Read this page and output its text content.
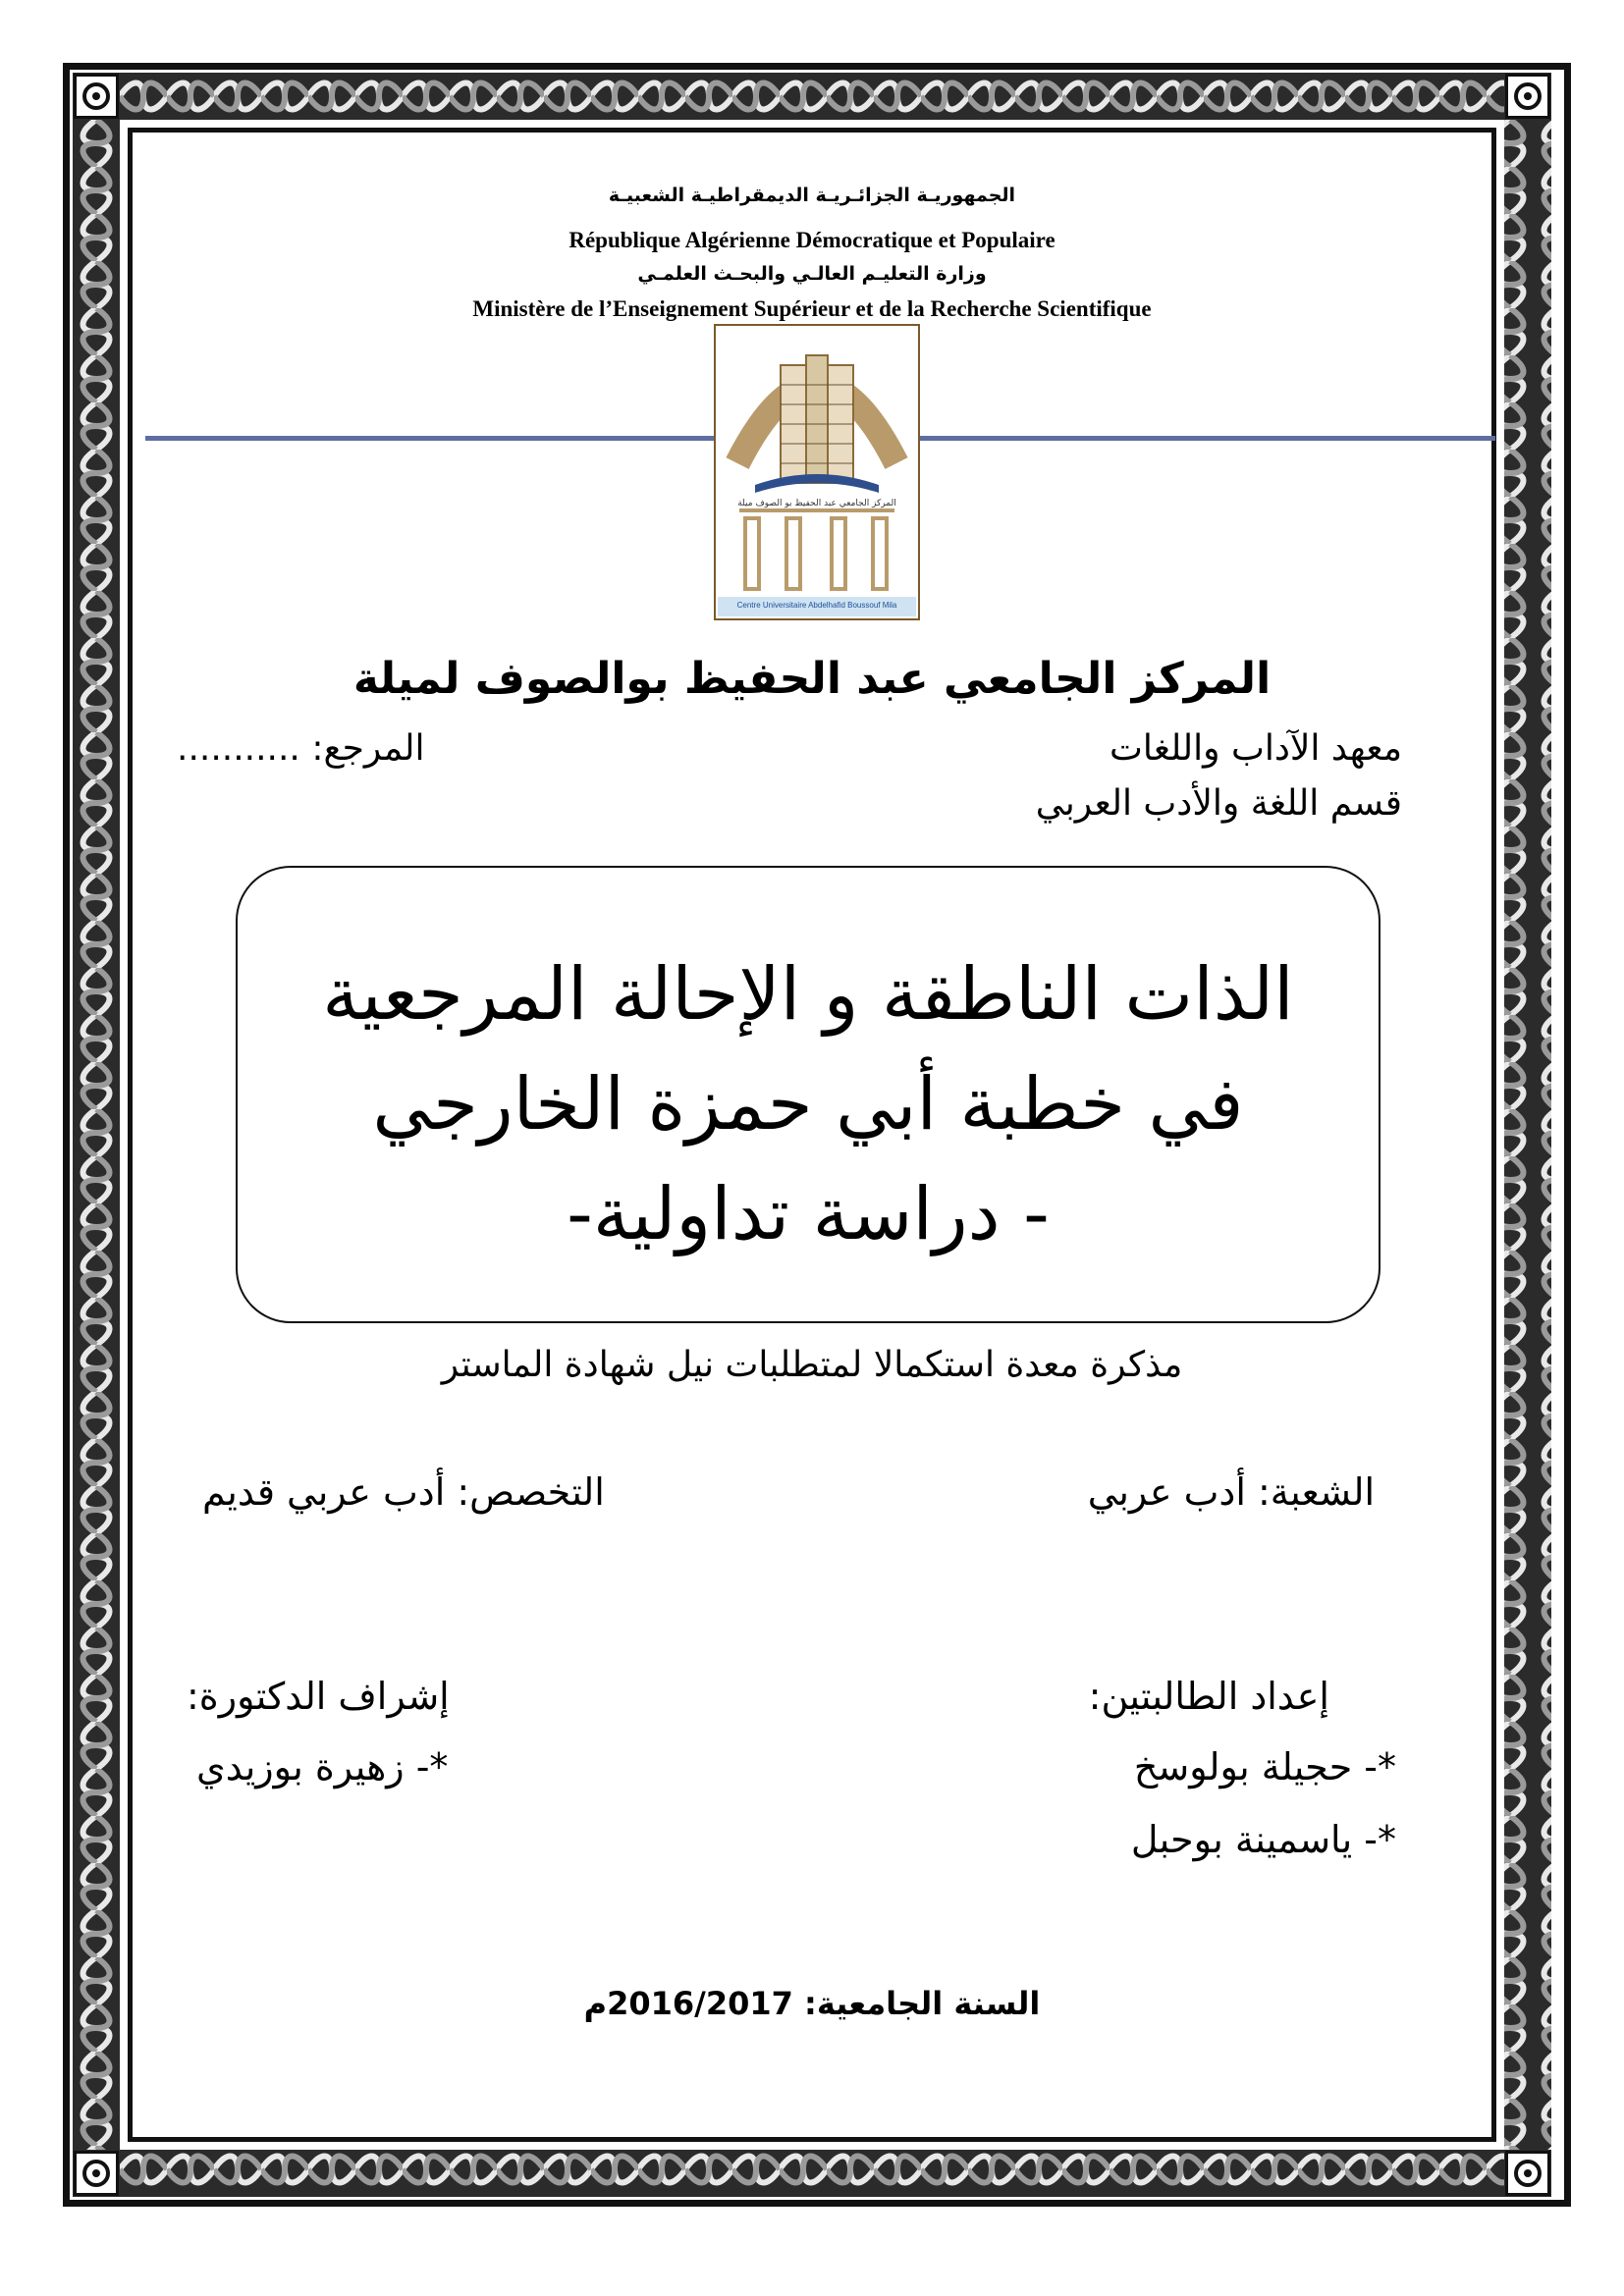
الجمهوريـة الجزائـريـة الديمقراطيـة الشعبيـة
République Algérienne Démocratique et Populaire
وزارة التعليـم العالـي والبحـث العلمـي
Ministère de l’Enseignement Supérieur et de la Recherche Scientifique
المركز الجامعي عبد الحفيظ بو الصوف ميلة
Centre Universitaire Abdelhafid Boussouf Mila
المركز الجامعي عبد الحفيظ بوالصوف لميلة
معهد الآداب واللغات
المرجع: ...........
قسم اللغة والأدب العربي
الذات الناطقة و الإحالة المرجعية
في خطبة أبي حمزة الخارجي
- دراسة تداولية-
مذكرة معدة استكمالا لمتطلبات نيل شهادة الماستر
الشعبة: أدب عربي
التخصص: أدب عربي قديم
إعداد الطالبتين:
إشراف الدكتورة:
*- حجيلة بولوسخ
*- زهيرة بوزيدي
*- ياسمينة بوحبل
السنة الجامعية: 2016/2017م
